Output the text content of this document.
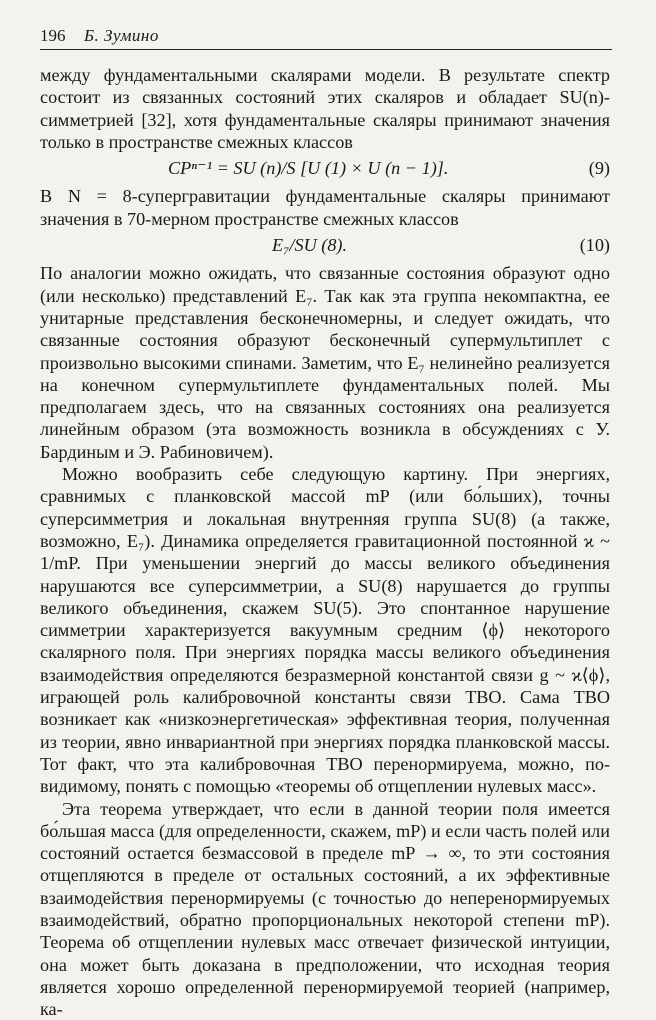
196 Б. Зумино

между фундаментальными скалярами модели. В результате спектр состоит из связанных состояний этих скаляров и обладает SU(n)-симметрией [32], хотя фундаментальные скаляры принимают значения только в пространстве смежных классов

CPⁿ⁻¹ = SU (n)/S [U (1) × U (n − 1)].	(9)

В N = 8-супергравитации фундаментальные скаляры принимают значения в 70-мерном пространстве смежных классов

E₇/SU (8).	(10)

По аналогии можно ожидать, что связанные состояния образуют одно (или несколько) представлений E₇. Так как эта группа некомпактна, ее унитарные представления бесконечномерны, и следует ожидать, что связанные состояния образуют бесконечный супермультиплет с произвольно высокими спинами. Заметим, что E₇ нелинейно реализуется на конечном супермультиплете фундаментальных полей. Мы предполагаем здесь, что на связанных состояниях она реализуется линейным образом (эта возможность возникла в обсуждениях с У. Бардиным и Э. Рабиновичем).

Можно вообразить себе следующую картину. При энергиях, сравнимых с планковской массой mP (или бо́льших), точны суперсимметрия и локальная внутренняя группа SU(8) (а также, возможно, E₇). Динамика определяется гравитационной постоянной ϰ ~ 1/mP. При уменьшении энергий до массы великого объединения нарушаются все суперсимметрии, а SU(8) нарушается до группы великого объединения, скажем SU(5). Это спонтанное нарушение симметрии характеризуется вакуумным средним ⟨ϕ⟩ некоторого скалярного поля. При энергиях порядка массы великого объединения взаимодействия определяются безразмерной константой связи g ~ ϰ⟨ϕ⟩, играющей роль калибровочной константы связи ТВО. Сама ТВО возникает как «низкоэнергетическая» эффективная теория, полученная из теории, явно инвариантной при энергиях порядка планковской массы. Тот факт, что эта калибровочная ТВО перенормируема, можно, по-видимому, понять с помощью «теоремы об отщеплении нулевых масс».

Эта теорема утверждает, что если в данной теории поля имеется бо́льшая масса (для определенности, скажем, mP) и если часть полей или состояний остается безмассовой в пределе mP → ∞, то эти состояния отщепляются в пределе от остальных состояний, а их эффективные взаимодействия перенормируемы (с точностью до неперенормируемых взаимодействий, обратно пропорциональных некоторой степени mP). Теорема об отщеплении нулевых масс отвечает физической интуиции, она может быть доказана в предположении, что исходная теория является хорошо определенной перенормируемой теорией (например, ка-
